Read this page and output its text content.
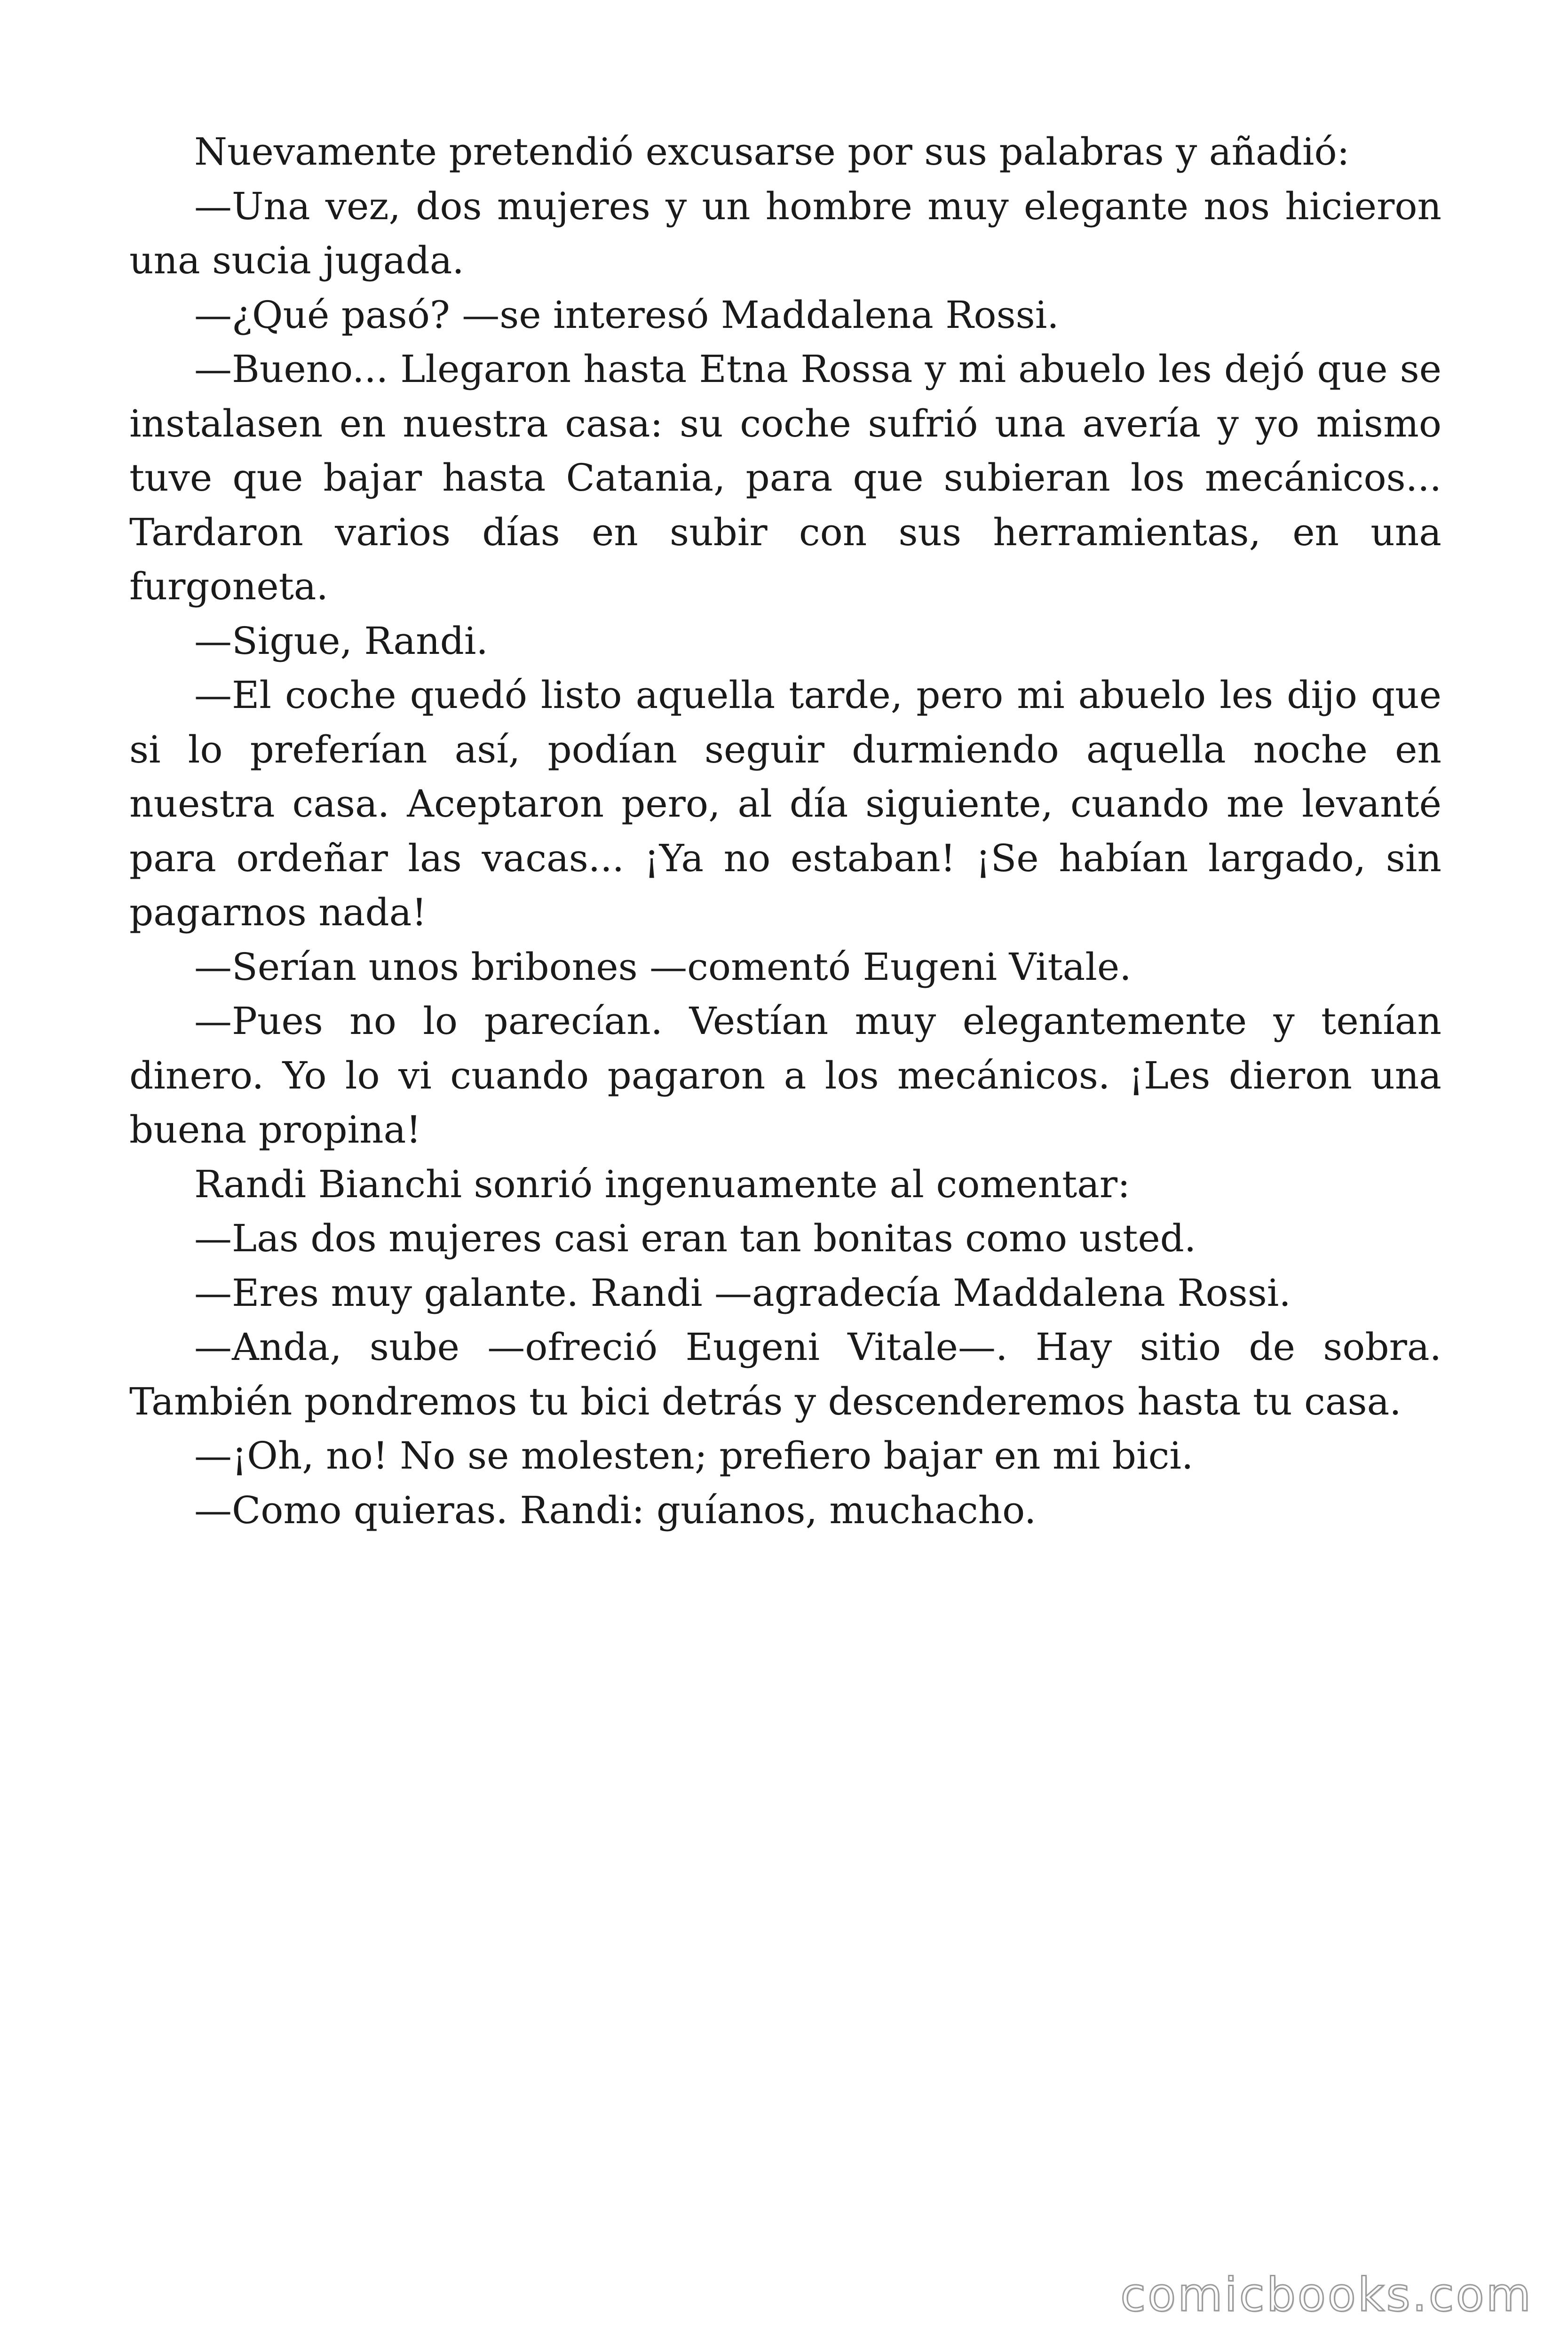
Nuevamente pretendió excusarse por sus palabras y añadió:

—Una vez, dos mujeres y un hombre muy elegante nos hicieron una sucia jugada.

—¿Qué pasó? —se interesó Maddalena Rossi.

—Bueno... Llegaron hasta Etna Rossa y mi abuelo les dejó que se instalasen en nuestra casa: su coche sufrió una avería y yo mismo tuve que bajar hasta Catania, para que subieran los mecánicos... Tardaron varios días en subir con sus herramientas, en una furgoneta.

—Sigue, Randi.

—El coche quedó listo aquella tarde, pero mi abuelo les dijo que si lo preferían así, podían seguir durmiendo aquella noche en nuestra casa. Aceptaron pero, al día siguiente, cuando me levanté para ordeñar las vacas... ¡Ya no estaban! ¡Se habían largado, sin pagarnos nada!

—Serían unos bribones —comentó Eugeni Vitale.

—Pues no lo parecían. Vestían muy elegantemente y tenían dinero. Yo lo vi cuando pagaron a los mecánicos. ¡Les dieron una buena propina!

Randi Bianchi sonrió ingenuamente al comentar:

—Las dos mujeres casi eran tan bonitas como usted.

—Eres muy galante. Randi —agradecía Maddalena Rossi.

—Anda, sube —ofreció Eugeni Vitale—. Hay sitio de sobra. También pondremos tu bici detrás y descenderemos hasta tu casa.

—¡Oh, no! No se molesten; prefiero bajar en mi bici.

—Como quieras. Randi: guíanos, muchacho.

comicbooks.com
